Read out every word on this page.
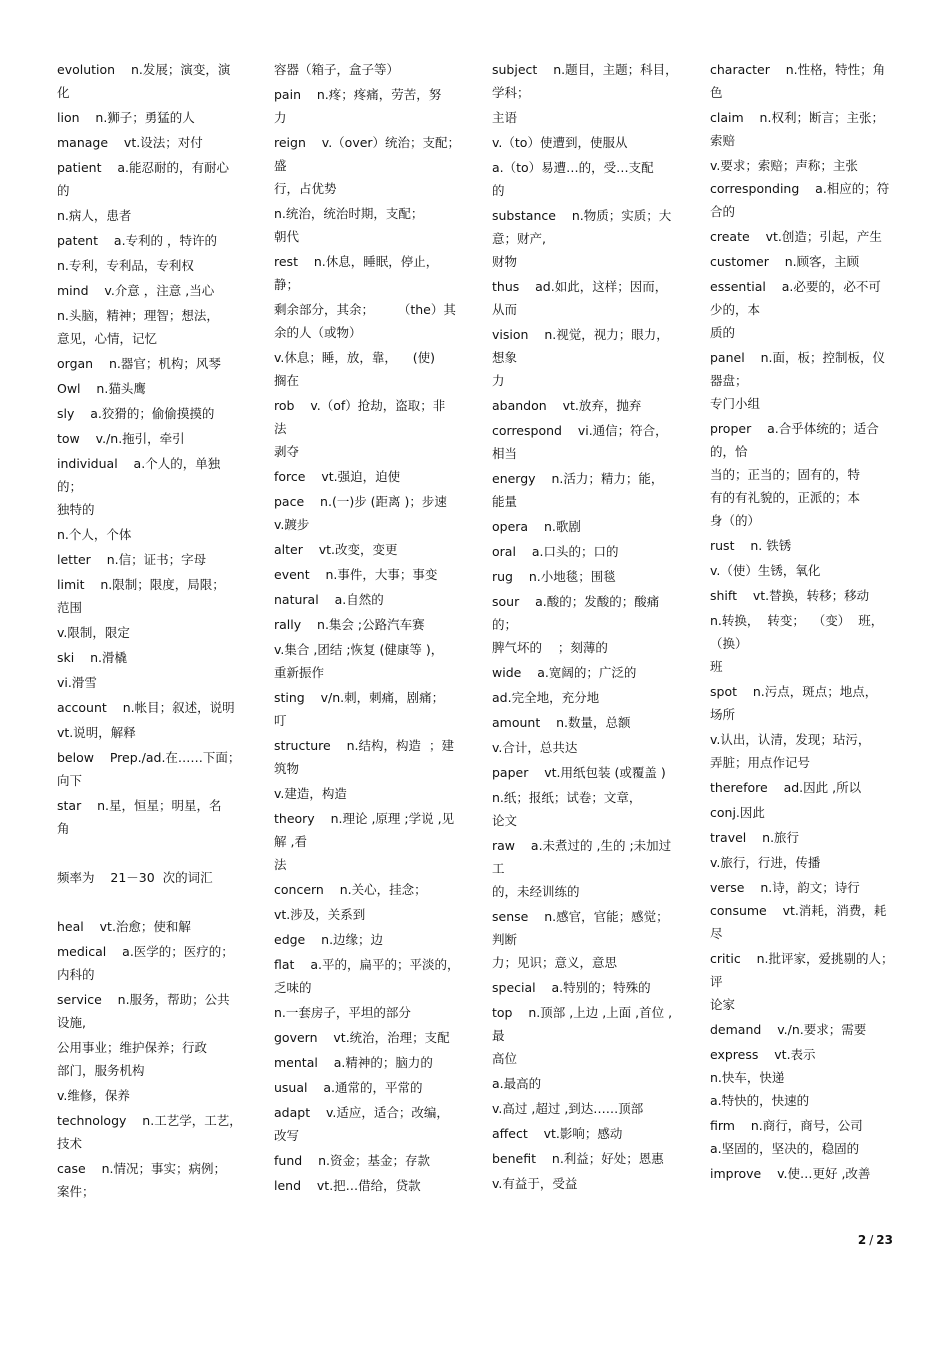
evolution    n.发展；演变，演
化
lion    n.狮子；勇猛的人
manage    vt.设法；对付
patient    a.能忍耐的，有耐心
的
n.病人，患者
patent    a.专利的 ，特许的
n.专利，专利品，专利权
mind    v.介意 ，注意 ,当心
n.头脑，精神；理智；想法，
意见，心情，记忆
organ    n.器官；机构；风琴
Owl    n.猫头鹰
sly    a.狡猾的；偷偷摸摸的
tow    v./n.拖引，牵引
individual    a.个人的，单独的；
独特的
n.个人，个体
letter    n.信；证书；字母
limit    n.限制；限度，局限；
范围
v.限制，限定
ski    n.滑橇
vi.滑雪
account    n.帐目；叙述，说明
vt.说明，解释
below    Prep./ad.在……下面；
向下
star    n.星，恒星；明星，名
角
频率为    21－30  次的词汇
heal    vt.治愈；使和解
medical    a.医学的；医疗的；
内科的
service    n.服务，帮助；公共
设施,
公用事业；维护保养；行政
部门，服务机构
v.维修，保养
technology    n.工艺学，工艺，
技术
case    n.情况；事实；病例；
案件；
容器（箱子，盒子等）
pain    n.疼；疼痛，劳苦，努
力
reign    v.（over）统治；支配；
盛
行，占优势
n.统治，统治时期，支配；
朝代
rest    n.休息，睡眠，停止，
静；
剩余部分，其余；      （the）其
余的人（或物）
v.休息；睡，放，靠，    (使)
搁在
rob    v.（of）抢劫，盗取；非
法
剥夺
force    vt.强迫，迫使
pace    n.(一)步 (距离 )；步速
v.踱步
alter    vt.改变，变更
event    n.事件，大事；事变
natural    a.自然的
rally    n.集会 ;公路汽车赛
v.集合 ,团结 ;恢复 (健康等 )，
重新振作
sting    v/n.刺，刺痛，剧痛；
叮
structure    n.结构，构造  ；建
筑物
v.建造，构造
theory    n.理论 ,原理 ;学说 ,见
解 ,看
法
concern    n.关心，挂念；
vt.涉及，关系到
edge    n.边缘；边
flat    a.平的，扁平的；平淡的，
乏味的
n.一套房子，平坦的部分
govern    vt.统治，治理；支配
mental    a.精神的；脑力的
usual    a.通常的，平常的
adapt    v.适应，适合；改编，
改写
fund    n.资金；基金；存款
lend    vt.把…借给，贷款
subject    n.题目，主题；科目，
学科；
主语
v.（to）使遭到，使服从
a.（to）易遭…的，受…支配
的
substance    n.物质；实质；大
意；财产,
财物
thus    ad.如此，这样；因而，
从而
vision    n.视觉，视力；眼力，
想象
力
abandon    vt.放弃，抛弃
correspond    vi.通信；符合，
相当
energy    n.活力；精力；能，
能量
opera    n.歌剧
oral    a.口头的；口的
rug    n.小地毯；围毯
sour    a.酸的；发酸的；酸痛
的；
脾气坏的    ；刻薄的
wide    a.宽阔的；广泛的
ad.完全地，充分地
amount    n.数量，总额
v.合计，总共达
paper    vt.用纸包装 (或覆盖 )
n.纸；报纸；试卷；文章，
论文
raw    a.未煮过的 ,生的 ;未加过
工
的，未经训练的
sense    n.感官，官能；感觉；
判断
力；见识；意义，意思
special    a.特别的；特殊的
top    n.顶部 ,上边 ,上面 ,首位 ,
最
高位
a.最高的
v.高过 ,超过 ,到达……顶部
affect    vt.影响；感动
benefit    n.利益；好处；恩惠
v.有益于，受益
character    n.性格，特性；角
色
claim    n.权利；断言；主张；
索赔
v.要求；索赔；声称；主张
corresponding    a.相应的；符
合的
create    vt.创造；引起，产生
customer    n.顾客，主顾
essential    a.必要的，必不可
少的，本
质的
panel    n.面，板；控制板，仪
器盘；
专门小组
proper    a.合乎体统的；适合
的，恰
当的；正当的；固有的，特
有的有礼貌的，正派的；本
身（的）
rust    n. 铁锈
v.（使）生锈，氧化
shift    vt.替换，转移；移动
n.转换，  转变；  （变）  班，
（换）
班
spot    n.污点，斑点；地点，
场所
v.认出，认清，发现；玷污，
弄脏；用点作记号
therefore    ad.因此 ,所以
conj.因此
travel    n.旅行
v.旅行，行进，传播
verse    n.诗，韵文；诗行
consume    vt.消耗，消费，耗
尽
critic    n.批评家，爱挑剔的人；
评
论家
demand    v./n.要求；需要
express    vt.表示
n.快车，快递
a.特快的，快速的
firm    n.商行，商号，公司
a.坚固的，坚决的，稳固的
improve    v.使…更好 ,改善
2 / 23
